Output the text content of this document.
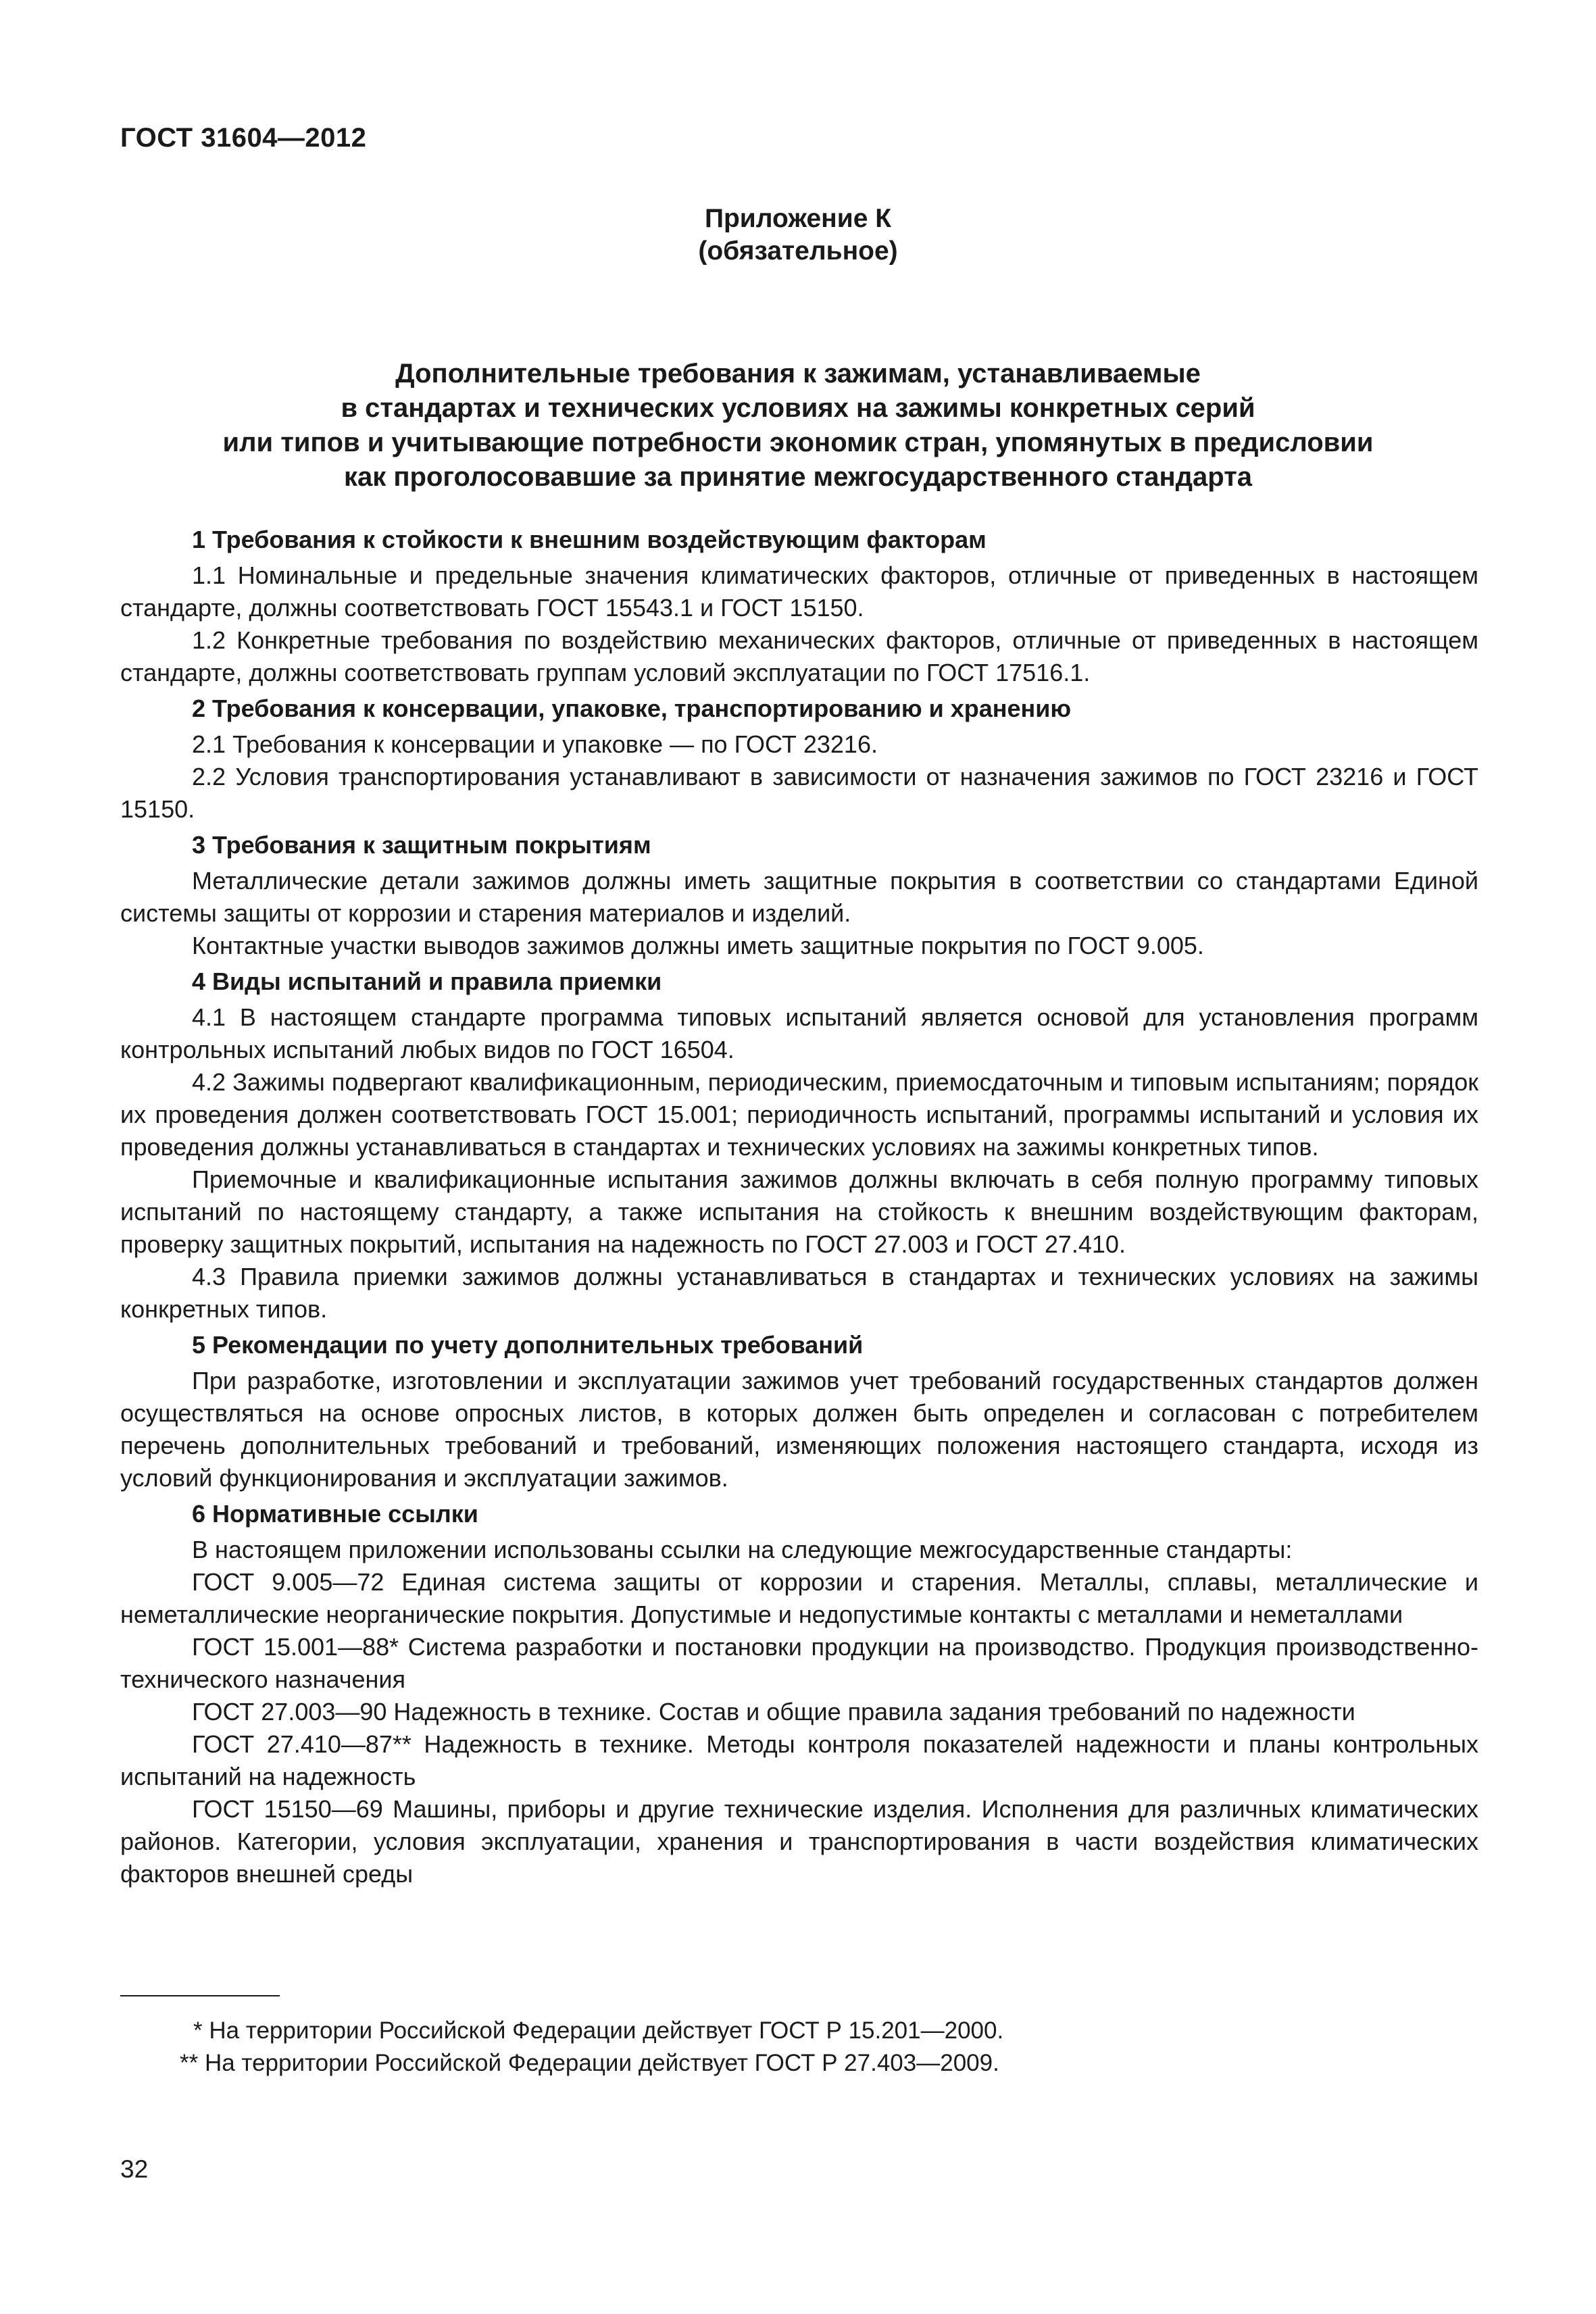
ГОСТ 31604—2012
Приложение К
(обязательное)
Дополнительные требования к зажимам, устанавливаемые
в стандартах и технических условиях на зажимы конкретных серий
или типов и учитывающие потребности экономик стран, упомянутых в предисловии
как проголосовавшие за принятие межгосударственного стандарта

1 Требования к стойкости к внешним воздействующим факторам

1.1 Номинальные и предельные значения климатических факторов, отличные от приведенных в настоящем стандарте, должны соответствовать ГОСТ 15543.1 и ГОСТ 15150.

1.2 Конкретные требования по воздействию механических факторов, отличные от приведенных в настоящем стандарте, должны соответствовать группам условий эксплуатации по ГОСТ 17516.1.

2 Требования к консервации, упаковке, транспортированию и хранению

2.1 Требования к консервации и упаковке — по ГОСТ 23216.

2.2 Условия транспортирования устанавливают в зависимости от назначения зажимов по ГОСТ 23216 и ГОСТ 15150.

3 Требования к защитным покрытиям

Металлические детали зажимов должны иметь защитные покрытия в соответствии со стандартами Единой системы защиты от коррозии и старения материалов и изделий.

Контактные участки выводов зажимов должны иметь защитные покрытия по ГОСТ 9.005.

4 Виды испытаний и правила приемки

4.1 В настоящем стандарте программа типовых испытаний является основой для установления программ контрольных испытаний любых видов по ГОСТ 16504.

4.2 Зажимы подвергают квалификационным, периодическим, приемосдаточным и типовым испытаниям; порядок их проведения должен соответствовать ГОСТ 15.001; периодичность испытаний, программы испытаний и условия их проведения должны устанавливаться в стандартах и технических условиях на зажимы конкретных типов.

Приемочные и квалификационные испытания зажимов должны включать в себя полную программу типовых испытаний по настоящему стандарту, а также испытания на стойкость к внешним воздействующим факторам, проверку защитных покрытий, испытания на надежность по ГОСТ 27.003 и ГОСТ 27.410.

4.3 Правила приемки зажимов должны устанавливаться в стандартах и технических условиях на зажимы конкретных типов.

5 Рекомендации по учету дополнительных требований

При разработке, изготовлении и эксплуатации зажимов учет требований государственных стандартов должен осуществляться на основе опросных листов, в которых должен быть определен и согласован с потребителем перечень дополнительных требований и требований, изменяющих положения настоящего стандарта, исходя из условий функционирования и эксплуатации зажимов.

6 Нормативные ссылки

В настоящем приложении использованы ссылки на следующие межгосударственные стандарты:

ГОСТ 9.005—72 Единая система защиты от коррозии и старения. Металлы, сплавы, металлические и неметаллические неорганические покрытия. Допустимые и недопустимые контакты с металлами и неметаллами

ГОСТ 15.001—88* Система разработки и постановки продукции на производство. Продукция производственно-технического назначения

ГОСТ 27.003—90 Надежность в технике. Состав и общие правила задания требований по надежности

ГОСТ 27.410—87** Надежность в технике. Методы контроля показателей надежности и планы контрольных испытаний на надежность

ГОСТ 15150—69 Машины, приборы и другие технические изделия. Исполнения для различных климатических районов. Категории, условия эксплуатации, хранения и транспортирования в части воздействия климатических факторов внешней среды

* На территории Российской Федерации действует ГОСТ Р 15.201—2000.
** На территории Российской Федерации действует ГОСТ Р 27.403—2009.
32
